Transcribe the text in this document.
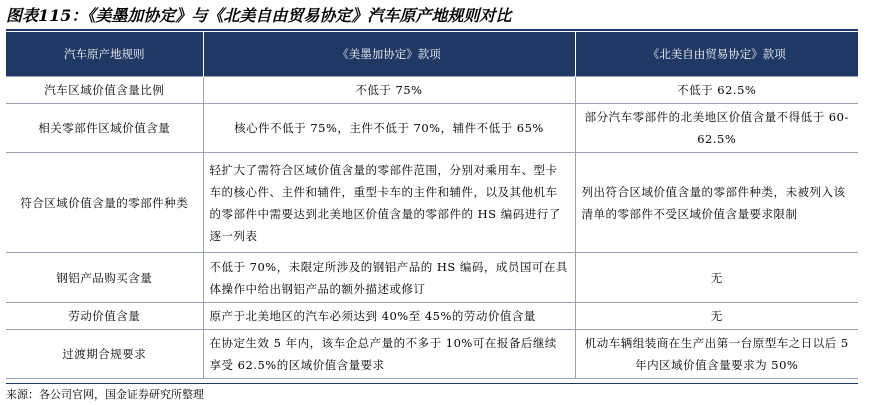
图表115：《美墨加协定》与《北美自由贸易协定》汽车原产地规则对比
汽车原产地规则	《美墨加协定》款项	《北美自由贸易协定》款项
汽车区域价值含量比例	不低于 75%	不低于 62.5%
相关零部件区域价值含量	核心件不低于 75%，主件不低于 70%，辅件不低于 65%	部分汽车零部件的北美地区价值含量不得低于 60-62.5%
符合区域价值含量的零部件种类	轻扩大了需符合区域价值含量的零部件范围，分别对乘用车、型卡车的核心件、主件和辅件，重型卡车的主件和辅件，以及其他机车的零部件中需要达到北美地区价值含量的零部件的 HS 编码进行了逐一列表	列出符合区域价值含量的零部件种类，未被列入该清单的零部件不受区域价值含量要求限制
钢铝产品购买含量	不低于 70%，未限定所涉及的钢铝产品的 HS 编码，成员国可在具体操作中给出钢铝产品的额外描述或修订	无
劳动价值含量	原产于北美地区的汽车必须达到 40%至 45%的劳动价值含量	无
过渡期合规要求	在协定生效 5 年内，该车企总产量的不多于 10%可在报备后继续享受 62.5%的区域价值含量要求	机动车辆组装商在生产出第一台原型车之日以后 5 年内区域价值含量要求为 50%
来源：各公司官网，国金证券研究所整理
